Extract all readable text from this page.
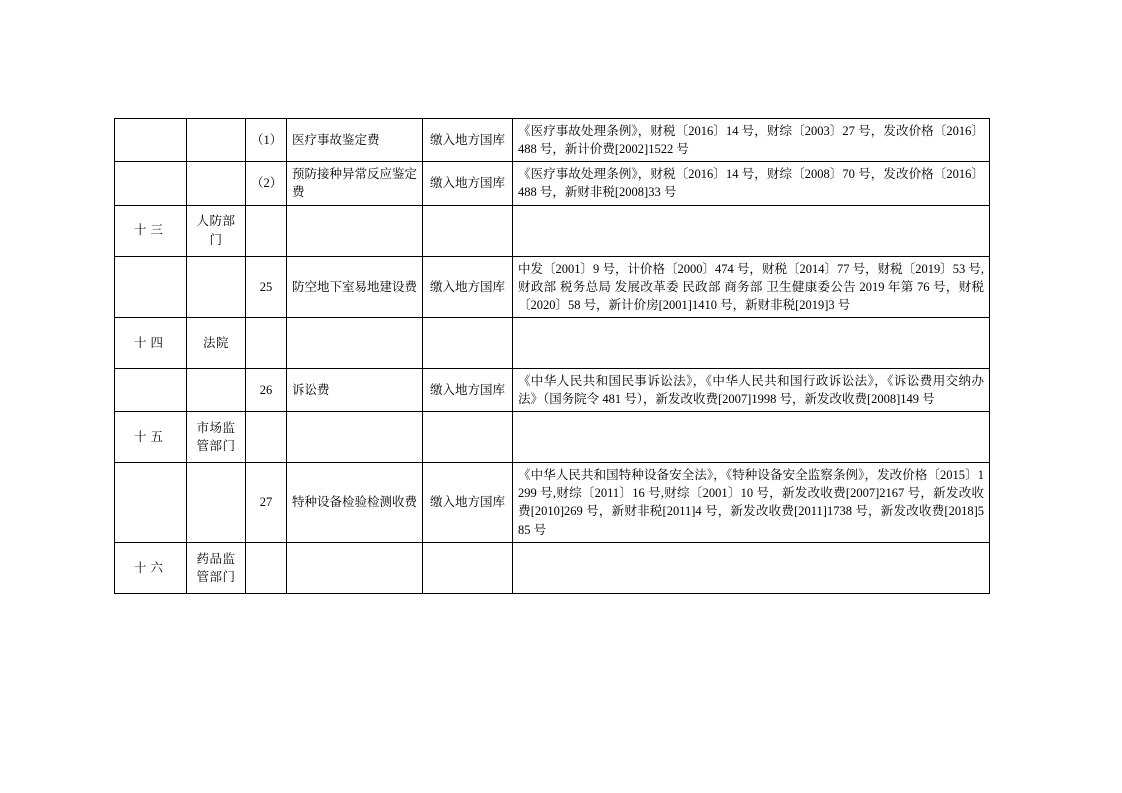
		（1）	医疗事故鉴定费	缴入地方国库	《医疗事故处理条例》，财税〔2016〕14 号，财综〔2003〕27 号，发改价格〔2016〕488 号，新计价费[2002]1522 号
		（2）	预防接种异常反应鉴定费	缴入地方国库	《医疗事故处理条例》，财税〔2016〕14 号，财综〔2008〕70 号，发改价格〔2016〕488 号，新财非税[2008]33 号
十三	人防部门				
		25	防空地下室易地建设费	缴入地方国库	中发〔2001〕9 号，计价格〔2000〕474 号，财税〔2014〕77 号，财税〔2019〕53 号,财政部 税务总局 发展改革委 民政部 商务部 卫生健康委公告 2019 年第 76 号，财税〔2020〕58 号，新计价房[2001]1410 号，新财非税[2019]3 号
十四	法院				
		26	诉讼费	缴入地方国库	《中华人民共和国民事诉讼法》，《中华人民共和国行政诉讼法》，《诉讼费用交纳办法》（国务院令 481 号），新发改收费[2007]1998 号，新发改收费[2008]149 号
十五	市场监管部门				
		27	特种设备检验检测收费	缴入地方国库	《中华人民共和国特种设备安全法》，《特种设备安全监察条例》，发改价格〔2015〕1299 号,财综〔2011〕16 号,财综〔2001〕10 号，新发改收费[2007]2167 号，新发改收费[2010]269 号，新财非税[2011]4 号，新发改收费[2011]1738 号，新发改收费[2018]585 号
十六	药品监管部门				
